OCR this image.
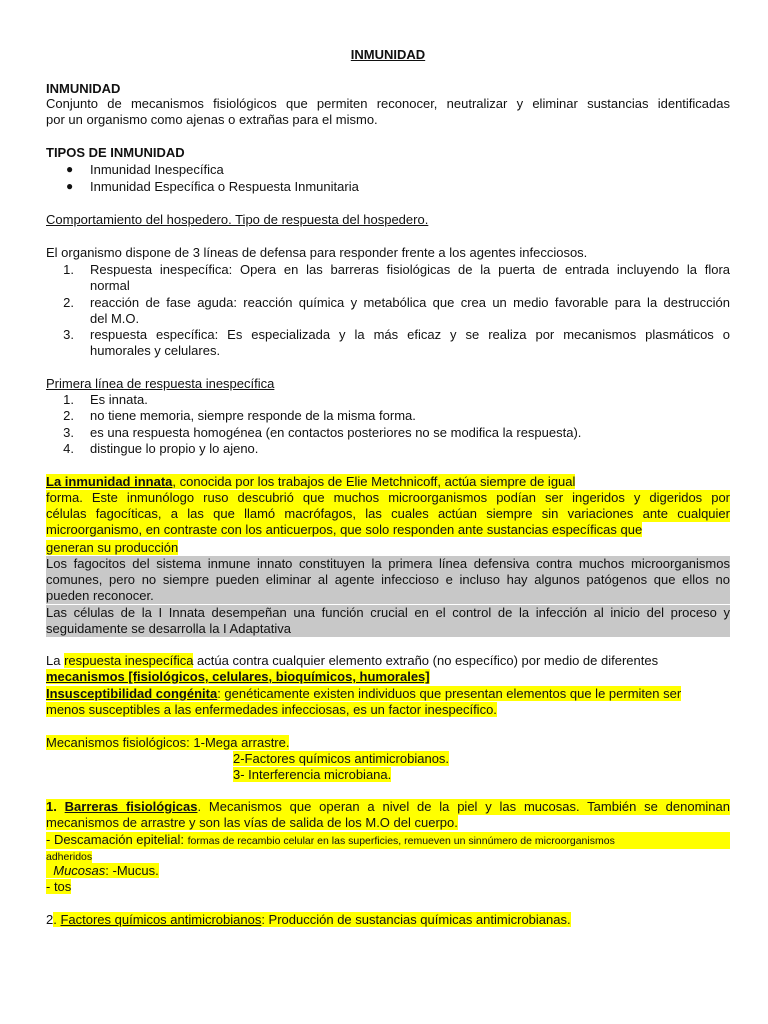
INMUNIDAD
INMUNIDAD
Conjunto de mecanismos fisiológicos que permiten reconocer, neutralizar y eliminar sustancias identificadas
por un organismo como ajenas o extrañas para el mismo.
TIPOS DE INMUNIDAD
● Inmunidad Inespecífica
● Inmunidad Específica o Respuesta Inmunitaria
Comportamiento del hospedero. Tipo de respuesta del hospedero.
El organismo dispone de 3 líneas de defensa para responder frente a los agentes infecciosos.
1. Respuesta inespecífica: Opera en las barreras fisiológicas de la puerta de entrada incluyendo la flora
normal
2. reacción de fase aguda: reacción química y metabólica que crea un medio favorable para la destrucción
del M.O.
3. respuesta específica: Es especializada y la más eficaz y se realiza por mecanismos plasmáticos o
humorales y celulares.
Primera línea de respuesta inespecífica
1. Es innata.
2. no tiene memoria, siempre responde de la misma forma.
3. es una respuesta homogénea (en contactos posteriores no se modifica la respuesta).
4. distingue lo propio y lo ajeno.
La inmunidad innata, conocida por los trabajos de Elie Metchnicoff, actúa siempre de igual
forma. Este inmunólogo ruso descubrió que muchos microorganismos podían ser ingeridos y digeridos por
células fagocíticas, a las que llamó macrófagos, las cuales actúan siempre sin variaciones ante cualquier
microorganismo, en contraste con los anticuerpos, que solo responden ante sustancias específicas que
generan su producción
Los fagocitos del sistema inmune innato constituyen la primera línea defensiva contra muchos microorganismos
comunes, pero no siempre pueden eliminar al agente infeccioso e incluso hay algunos patógenos que ellos no
pueden reconocer.
Las células de la I Innata desempeñan una función crucial en el control de la infección al inicio del proceso y
seguidamente se desarrolla la I Adaptativa
La respuesta inespecífica actúa contra cualquier elemento extraño (no específico) por medio de diferentes
mecanismos [fisiológicos, celulares, bioquímicos, humorales]
Insusceptibilidad congénita: genéticamente existen individuos que presentan elementos que le permiten ser
menos susceptibles a las enfermedades infecciosas, es un factor inespecífico.
Mecanismos fisiológicos: 1-Mega arrastre.
2-Factores químicos antimicrobianos.
3- Interferencia microbiana.
1. Barreras fisiológicas. Mecanismos que operan a nivel de la piel y las mucosas. También se denominan
mecanismos de arrastre y son las vías de salida de los M.O del cuerpo.
- Descamación epitelial: formas de recambio celular en las superficies, remueven un sinnúmero de microorganismos
adheridos
Mucosas: -Mucus.
- tos
2. Factores químicos antimicrobianos: Producción de sustancias químicas antimicrobianas.
